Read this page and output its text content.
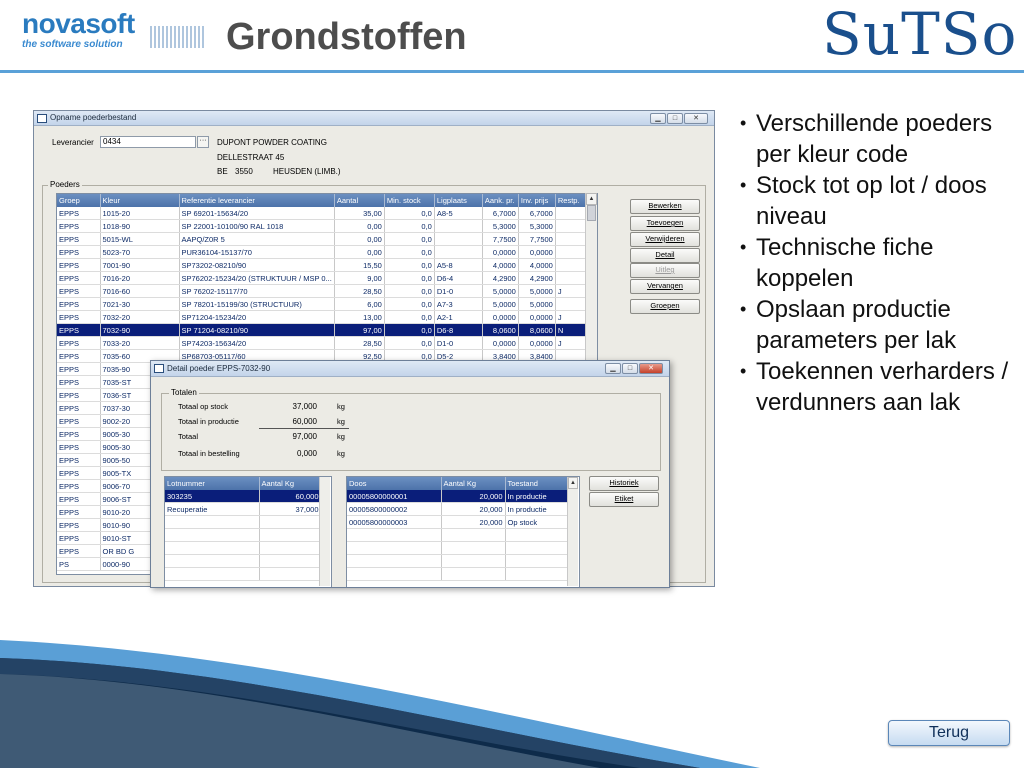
novasoft
the software solution	Grondstoffen	SuTSo
Opname poederbestand	▁	□	✕
Leverancier	0434	···	DUPONT POWDER COATING
DELLESTRAAT 45
BE 3550	HEUSDEN (LIMB.)
Poeders
Groep	Kleur	Referentie leverancier	Aantal	Min. stock	Ligplaats	Aank. pr.	Inv. prijs	Restp.
EPPS	1015-20	SP 69201-15634/20	35,00	0,0	A8-5	6,7000	6,7000	
EPPS	1018-90	SP 22001-10100/90 RAL 1018	0,00	0,0		5,3000	5,3000	
EPPS	5015-WL	AAPQ/Z0R 5	0,00	0,0		7,7500	7,7500	
EPPS	5023-70	PUR36104-15137/70	0,00	0,0		0,0000	0,0000	
EPPS	7001-90	SP73202-08210/90	15,50	0,0	A5-8	4,0000	4,0000	
EPPS	7016-20	SP76202-15234/20 (STRUKTUUR / MSP 0...	9,00	0,0	D6-4	4,2900	4,2900	
EPPS	7016-60	SP 76202-15117/70	28,50	0,0	D1-0	5,0000	5,0000	J
EPPS	7021-30	SP 78201-15199/30 (STRUCTUUR)	6,00	0,0	A7-3	5,0000	5,0000	
EPPS	7032-20	SP71204-15234/20	13,00	0,0	A2-1	0,0000	0,0000	J
EPPS	7032-90	SP 71204-08210/90	97,00	0,0	D6-8	8,0600	8,0600	N
EPPS	7033-20	SP74203-15634/20	28,50	0,0	D1-0	0,0000	0,0000	J
EPPS	7035-60	SP68703-05117/60	92,50	0,0	D5-2	3,8400	3,8400	
EPPS	7035-90							
EPPS	7035-ST							
EPPS	7036-ST							
EPPS	7037-30							
EPPS	9002-20							
EPPS	9005-30							
EPPS	9005-30							
EPPS	9005-50							
EPPS	9005-TX							
EPPS	9006-70							
EPPS	9006-ST							
EPPS	9010-20							
EPPS	9010-90							
EPPS	9010-ST							
EPPS	OR BD G							
PS	0000-90							
▲
Bewerken
Toevoegen
Verwijderen
Detail
Uitleg
Vervangen
Groepen
Detail poeder EPPS-7032-90	▁	□	✕
Totalen
Totaal op stock	37,000	kg
Totaal in productie	60,000	kg
Totaal	97,000	kg
Totaal in bestelling	0,000	kg
Lotnummer	Aantal Kg
303235	60,000
Recuperatie	37,000

Doos	Aantal Kg	Toestand
00005800000001	20,000	In productie
00005800000002	20,000	In productie
00005800000003	20,000	Op stock

▲	Historiek
Etiket
• Verschillende poeders per kleur code
• Stock tot op lot / doos niveau
• Technische fiche koppelen
• Opslaan productie parameters per lak
• Toekennen verharders / verdunners aan lak
Terug
